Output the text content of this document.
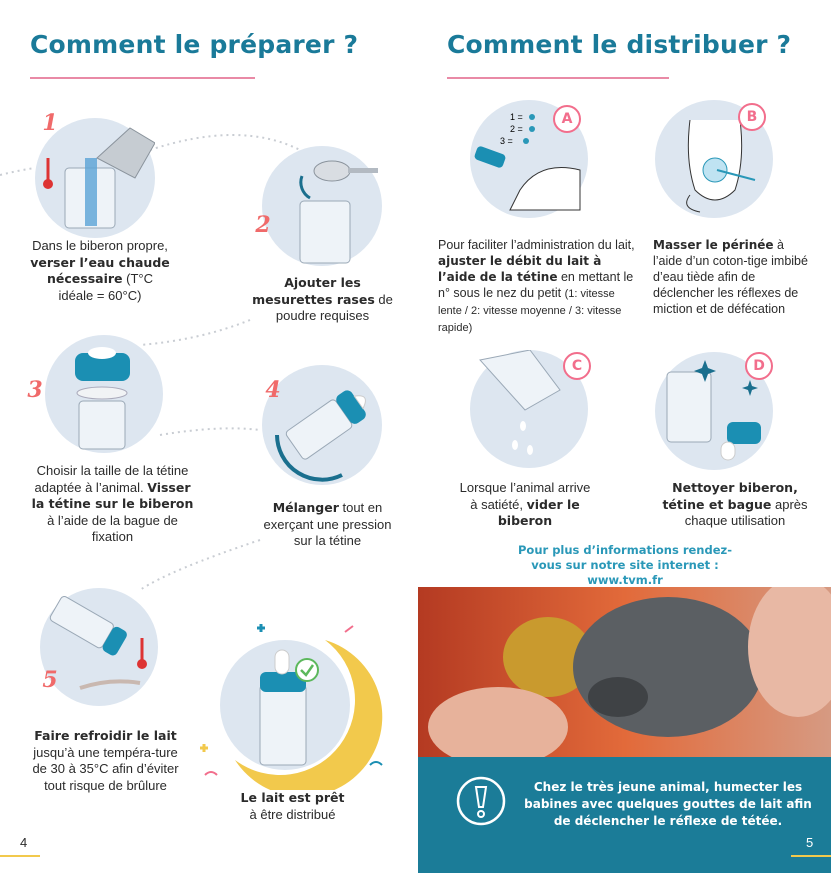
Comment le préparer ?
1
Dans le biberon propre, verser l’eau chaude nécessaire (T°C idéale = 60°C)
2
Ajouter les mesurettes rases de poudre requises
3
Choisir la taille de la tétine adaptée à l’animal. Visser la tétine sur le biberon à l’aide de la bague de fixation
4
Mélanger tout en exerçant une pression sur la tétine
5
Faire refroidir le lait jusqu’à une tempéra-ture de 30 à 35°C afin d’éviter tout risque de brûlure
Le lait est prêt
à être distribué
4
Comment le distribuer ?
1 =
2 =
3 =
A
Pour faciliter l’administration du lait, ajuster le débit du lait à l’aide de la tétine en mettant le n° sous le nez du petit (1: vitesse lente / 2: vitesse moyenne / 3: vitesse rapide)
B
Masser le périnée à l’aide d’un coton-tige imbibé d’eau tiède afin de déclencher les réflexes de miction et de défécation
C
Lorsque l’animal arrive à satiété, vider le biberon
D
Nettoyer biberon, tétine et bague après chaque utilisation
Pour plus d’informations rendez-vous sur notre site internet : www.tvm.fr
Chez le très jeune animal, humecter les babines avec quelques gouttes de lait afin de déclencher le réflexe de tétée.
5
